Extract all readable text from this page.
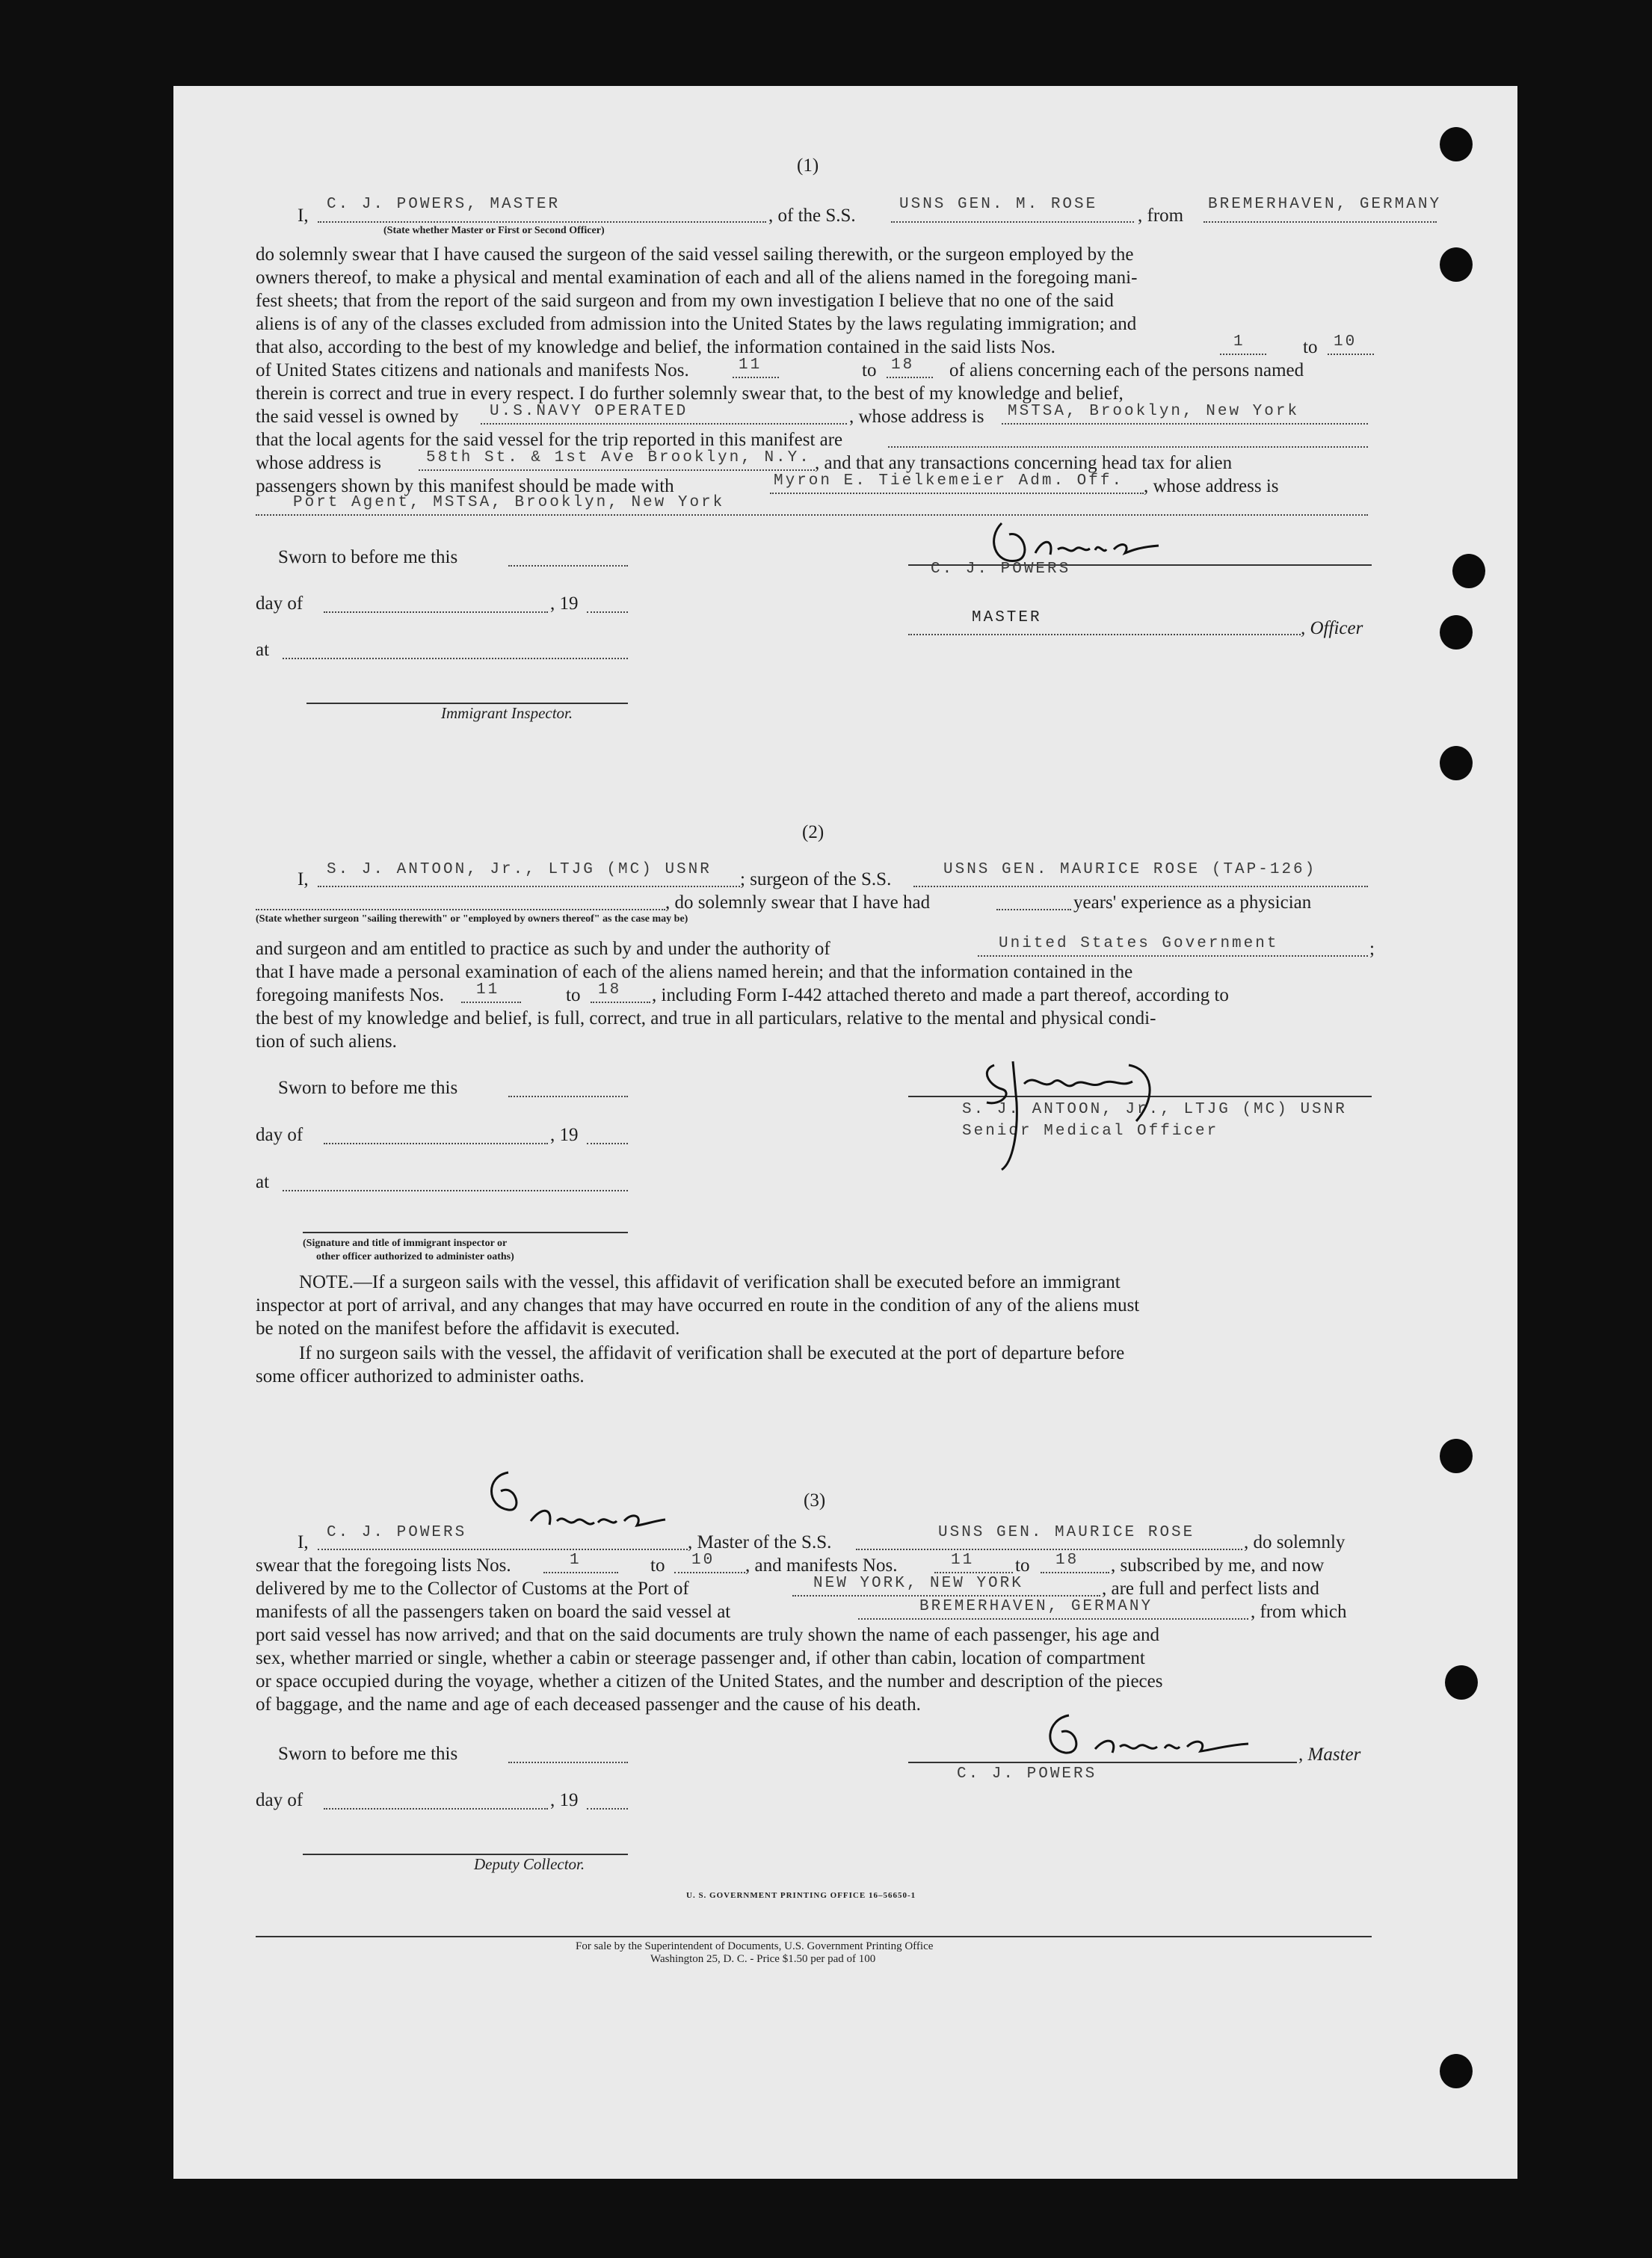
(1)
I,
C. J. POWERS, MASTER
(State whether Master or First or Second Officer)
, of the S.S.
USNS GEN. M. ROSE
, from
BREMERHAVEN, GERMANY
do solemnly swear that I have caused the surgeon of the said vessel sailing therewith, or the surgeon employed by the
owners thereof, to make a physical and mental examination of each and all of the aliens named in the foregoing mani-
fest sheets; that from the report of the said surgeon and from my own investigation I believe that no one of the said
aliens is of any of the classes excluded from admission into the United States by the laws regulating immigration; and
that also, according to the best of my knowledge and belief, the information contained in the said lists Nos.	1	to 10
of United States citizens and nationals and manifests Nos.	11	to 18 of aliens concerning each of the persons named
therein is correct and true in every respect. I do further solemnly swear that, to the best of my knowledge and belief,
the said vessel is owned by U.S.NAVY OPERATED	, whose address is MSTSA, Brooklyn, New York
that the local agents for the said vessel for the trip reported in this manifest are
whose address is	58th St. & 1st Ave Brooklyn, N.Y. , and that any transactions concerning head tax for alien
passengers shown by this manifest should be made with	Myron E. Tielkemeier Adm. Off. , whose address is
Port Agent, MSTSA, Brooklyn, New York
Sworn to before me this
day of	, 19
at
Immigrant Inspector.
C. J. POWERS
MASTER
, Officer
(2)
I, S. J. ANTOON, Jr., LTJG (MC) USNR ; surgeon of the S.S.	USNS GEN. MAURICE ROSE (TAP-126)
, do solemnly swear that I have had	years' experience as a physician
(State whether surgeon "sailing therewith" or "employed by owners thereof" as the case may be)
and surgeon and am entitled to practice as such by and under the authority of	United States Government	;
that I have made a personal examination of each of the aliens named herein; and that the information contained in the
foregoing manifests Nos. 11	to 18 , including Form I-442 attached thereto and made a part thereof, according to
the best of my knowledge and belief, is full, correct, and true in all particulars, relative to the mental and physical condi-
tion of such aliens.
Sworn to before me this
day of	, 19
at
(Signature and title of immigrant inspector or
other officer authorized to administer oaths)
S. J. ANTOON, Jr., LTJG (MC) USNR
Senior Medical Officer
NOTE.—If a surgeon sails with the vessel, this affidavit of verification shall be executed before an immigrant
inspector at port of arrival, and any changes that may have occurred en route in the condition of any of the aliens must
be noted on the manifest before the affidavit is executed.
If no surgeon sails with the vessel, the affidavit of verification shall be executed at the port of departure before
some officer authorized to administer oaths.
(3)
I, C. J. POWERS	, Master of the S.S.	USNS GEN. MAURICE ROSE	, do solemnly
swear that the foregoing lists Nos.	1	to 10 , and manifests Nos.	11 to 18 , subscribed by me, and now
delivered by me to the Collector of Customs at the Port of	NEW YORK, NEW YORK	, are full and perfect lists and
manifests of all the passengers taken on board the said vessel at	BREMERHAVEN, GERMANY	, from which
port said vessel has now arrived; and that on the said documents are truly shown the name of each passenger, his age and
sex, whether married or single, whether a cabin or steerage passenger and, if other than cabin, location of compartment
or space occupied during the voyage, whether a citizen of the United States, and the number and description of the pieces
of baggage, and the name and age of each deceased passenger and the cause of his death.
Sworn to before me this
day of	, 19
Deputy Collector.
, Master
C. J. POWERS
U. S. GOVERNMENT PRINTING OFFICE 16–56650-1
For sale by the Superintendent of Documents, U.S. Government Printing Office
Washington 25, D. C. - Price $1.50 per pad of 100
